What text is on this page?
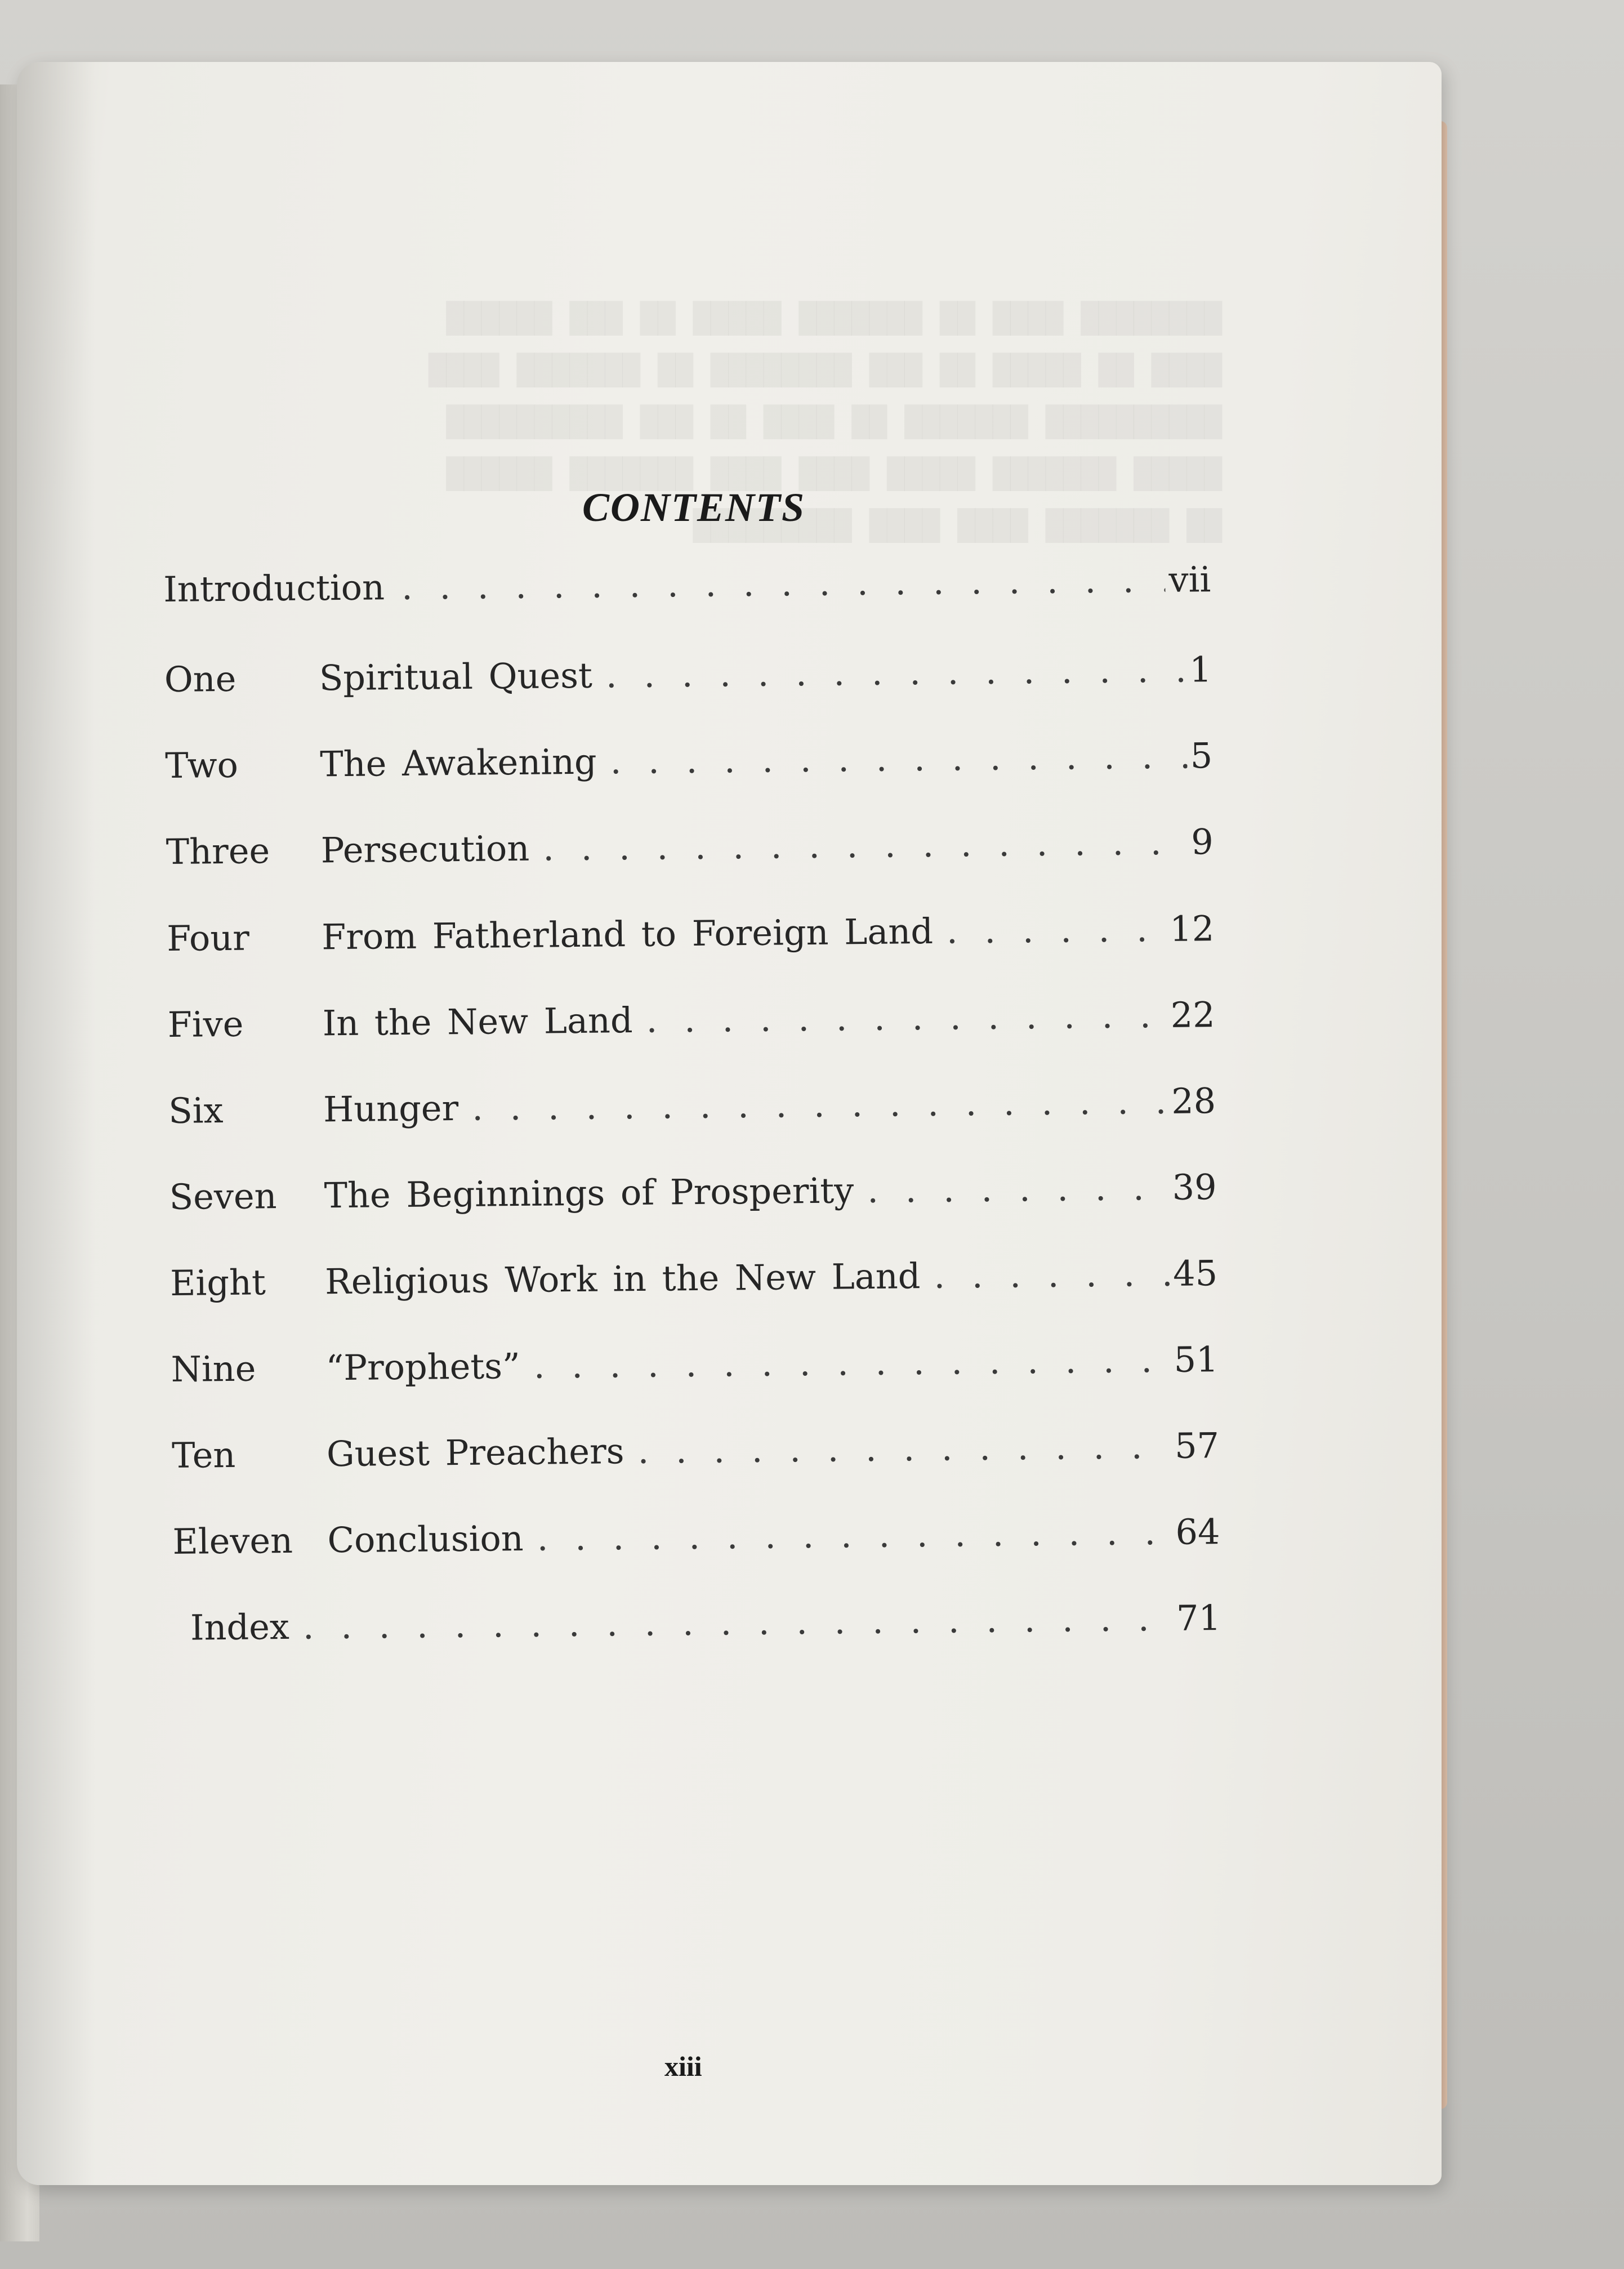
CONTENTS
Introduction . . .	vii
One	Spiritual Quest . . .	1
Two	The Awakening . . .	5
Three	Persecution . . .	9
Four	From Fatherland to Foreign Land . . .	12
Five	In the New Land . . .	22
Six	Hunger . . .	28
Seven	The Beginnings of Prosperity . . .	39
Eight	Religious Work in the New Land . . .	45
Nine	“Prophets” . . .	51
Ten	Guest Preachers . . .	57
Eleven Conclusion . . .	64
Index . . .	71
xiii
